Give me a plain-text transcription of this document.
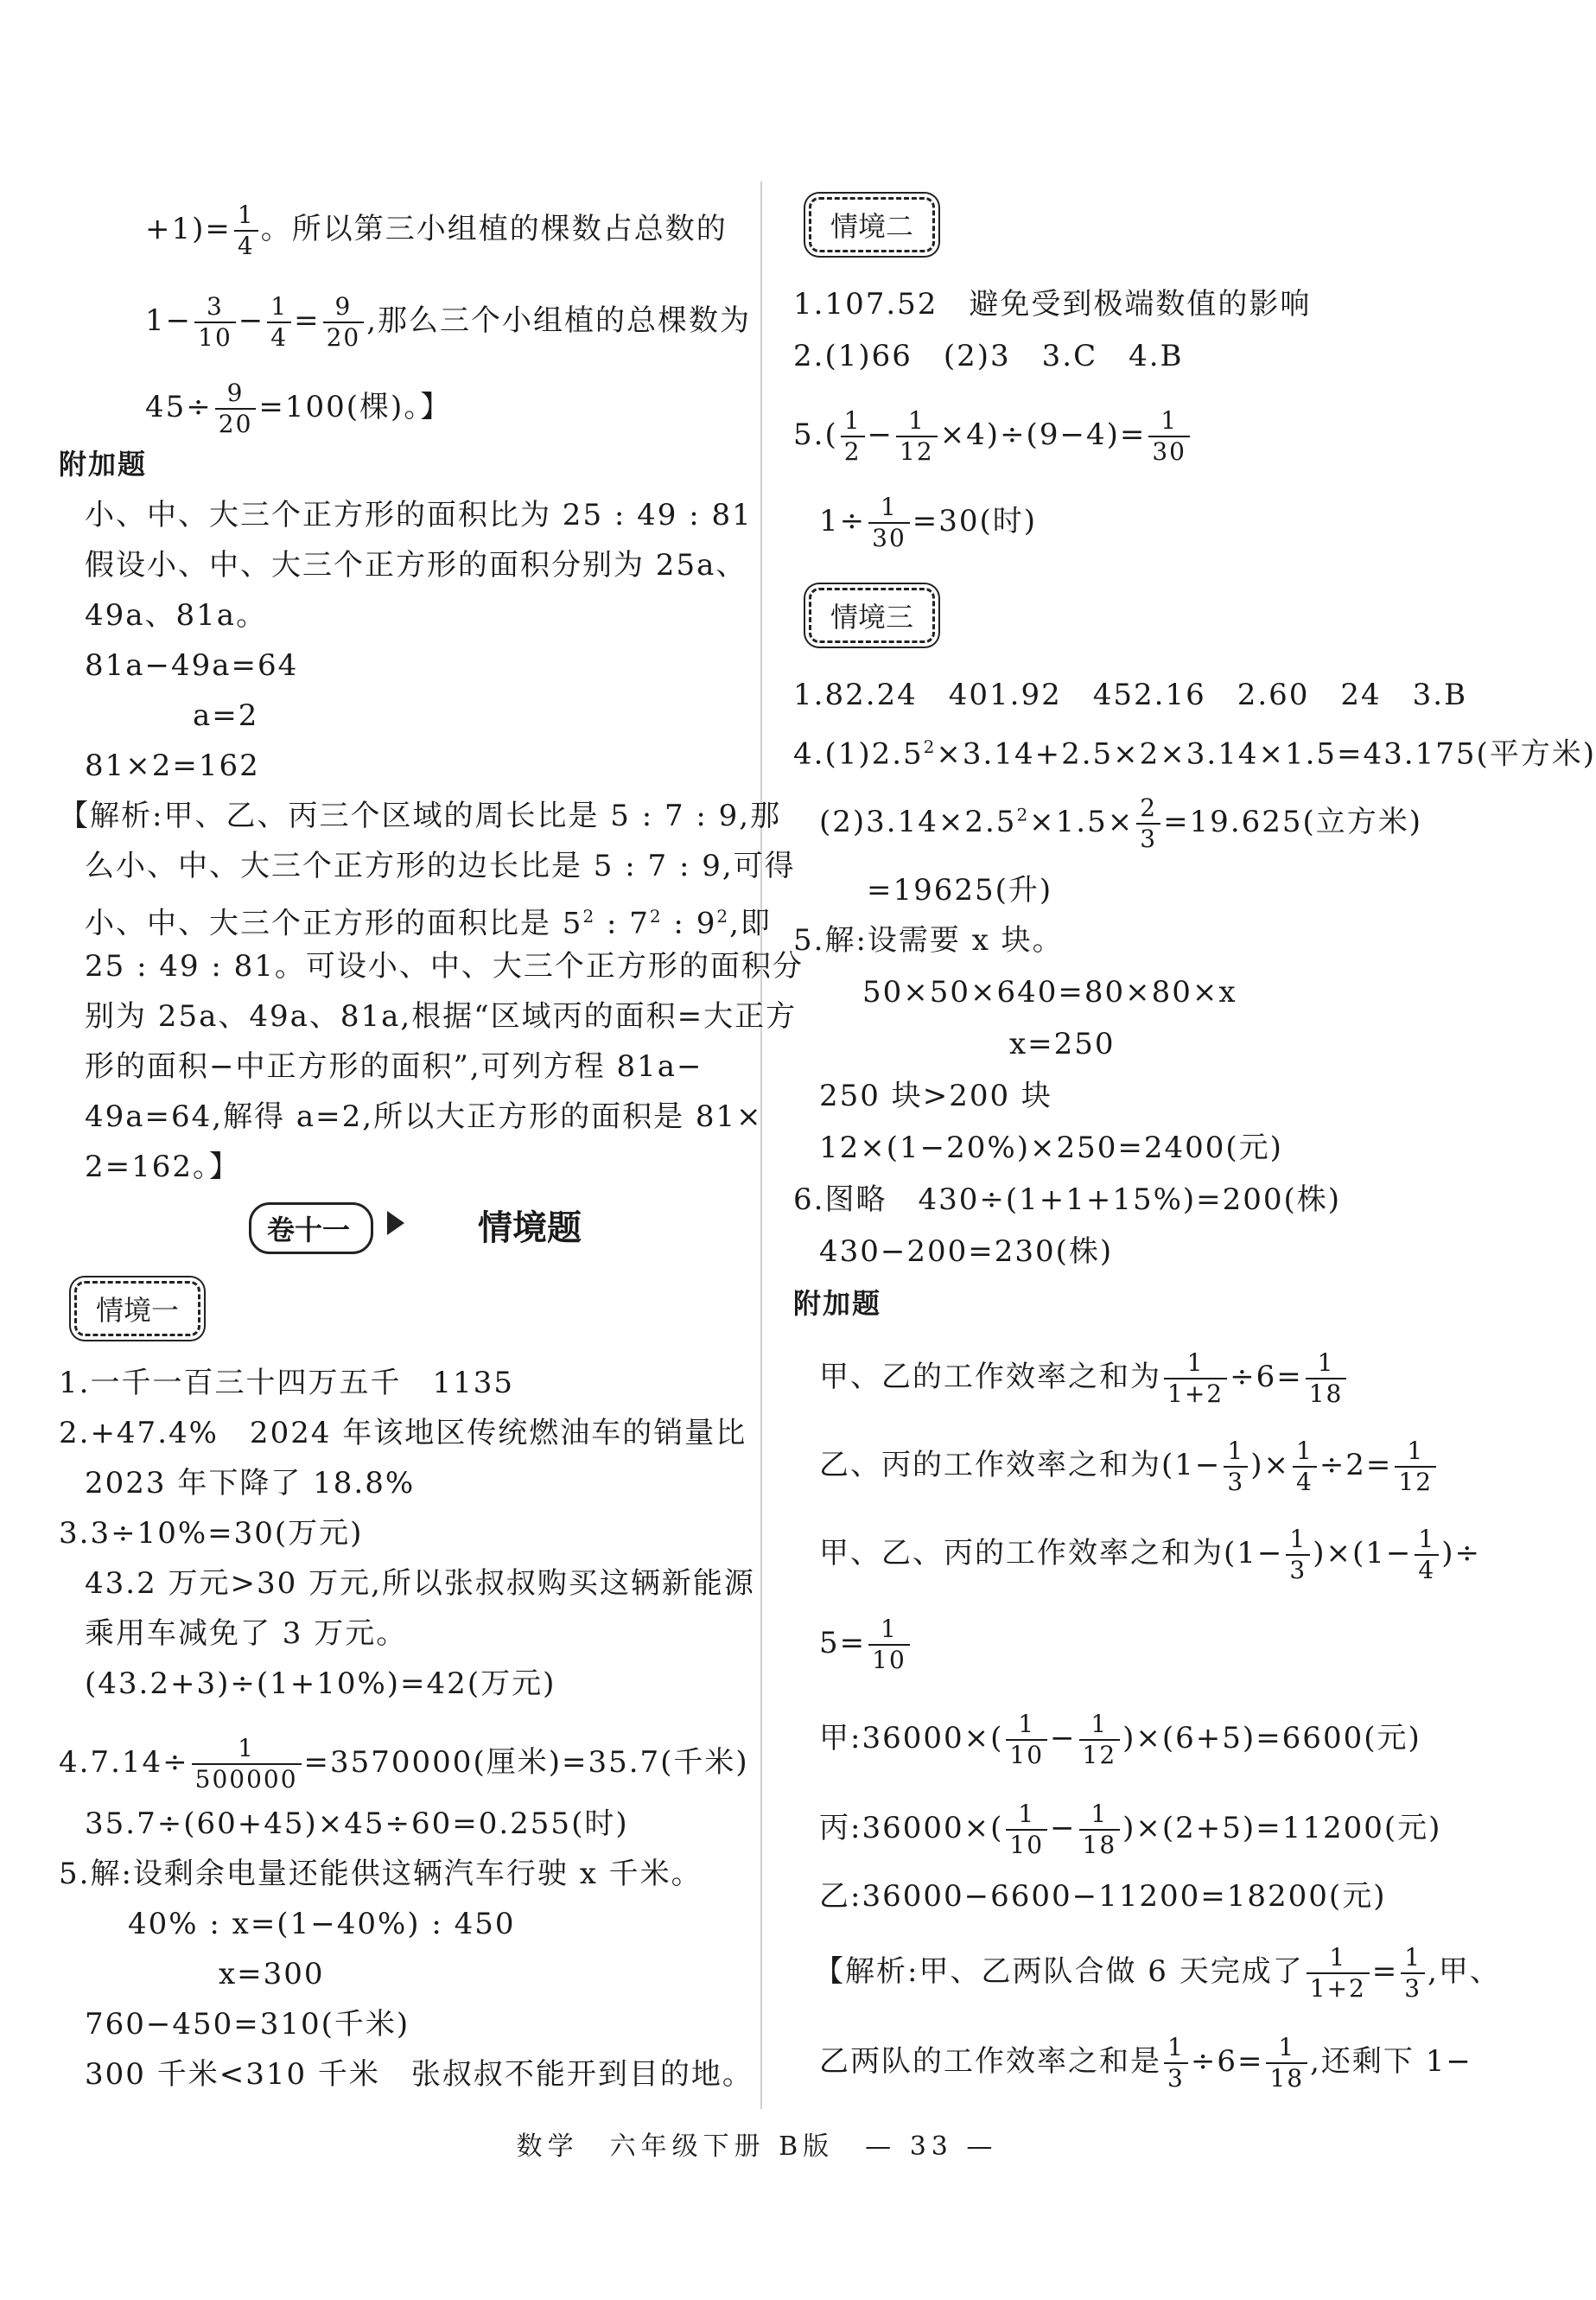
$+1)= \frac{1}{4}$ 。所以第三小组植的棵数占总数的
$1- \frac{3}{10} - \frac{1}{4} = \frac{9}{20}$ ,那么三个小组植的总棵数为
$45\div \frac{9}{20} =100$(棵)。】
附加题
小、中、大三个正方形的面积比为 25 : 49 : 81
假设小、中、大三个正方形的面积分别为 25a、
49a、81a。
81a−49a=64
a=2
81×2=162
【解析:甲、乙、丙三个区域的周长比是 5 : 7 : 9,那
么小、中、大三个正方形的边长比是 5 : 7 : 9,可得
小、中、大三个正方形的面积比是 $5^2$ : $7^2$ : $9^2$,即
25 : 49 : 81。可设小、中、大三个正方形的面积分
别为 25a、49a、81a,根据“区域丙的面积=大正方
形的面积−中正方形的面积”,可列方程 81a−
49a=64,解得 a=2,所以大正方形的面积是 81×
2=162。】
卷十一	情境题
情境一
1.一千一百三十四万五千　1135
2.+47.4%　2024 年该地区传统燃油车的销量比
2023 年下降了 18.8%
3.3÷10%=30(万元)
43.2 万元>30 万元,所以张叔叔购买这辆新能源
乘用车减免了 3 万元。
(43.2+3)÷(1+10%)=42(万元)
$4.7.14\div \frac{1}{500000} =3570000$(厘米)=35.7(千米)
35.7÷(60+45)×45÷60=0.255(时)
5.解:设剩余电量还能供这辆汽车行驶 x 千米。
40% : x=(1−40%) : 450
x=300
760−450=310(千米)
300 千米<310 千米　张叔叔不能开到目的地。
情境二
1.107.52　避免受到极端数值的影响
2.(1)66　(2)3　3.C　4.B
$5.( \frac{1}{2} - \frac{1}{12} \times 4)\div(9-4)= \frac{1}{30}$
$1\div \frac{1}{30} =30$(时)
情境三
1.82.24　401.92　452.16　2.60　24　3.B
$4.(1)2.5^2\times 3.14+2.5\times 2\times 3.14\times 1.5=43.175$(平方米)
$(2)3.14\times 2.5^2\times 1.5\times \frac{2}{3} =19.625$(立方米)
=19625(升)
5.解:设需要 x 块。
50×50×640=80×80×x
x=250
250 块>200 块
12×(1−20%)×250=2400(元)
6.图略　430÷(1+1+15%)=200(株)
430−200=230(株)
附加题
甲、乙的工作效率之和为 $\frac{1}{1+2} \div 6= \frac{1}{18}$
乙、丙的工作效率之和为($1- \frac{1}{3}$ )× $\frac{1}{4} \div 2= \frac{1}{12}$
甲、乙、丙的工作效率之和为$(1- \frac{1}{3} )\times(1- \frac{1}{4}$ )÷
$5= \frac{1}{10}$
甲:36000×( $\frac{1}{10} - \frac{1}{12} )\times(6+5)=6600$(元)
丙:36000×( $\frac{1}{10} - \frac{1}{18} )\times(2+5)=11200$(元)
乙:36000−6600−11200=18200(元)
【解析:甲、乙两队合做 6 天完成了 $\frac{1}{1+2} = \frac{1}{3}$ ,甲、
乙两队的工作效率之和是 $\frac{1}{3} \div 6= \frac{1}{18}$ ,还剩下 1−
数学　六年级下册 B版　— 33 —
